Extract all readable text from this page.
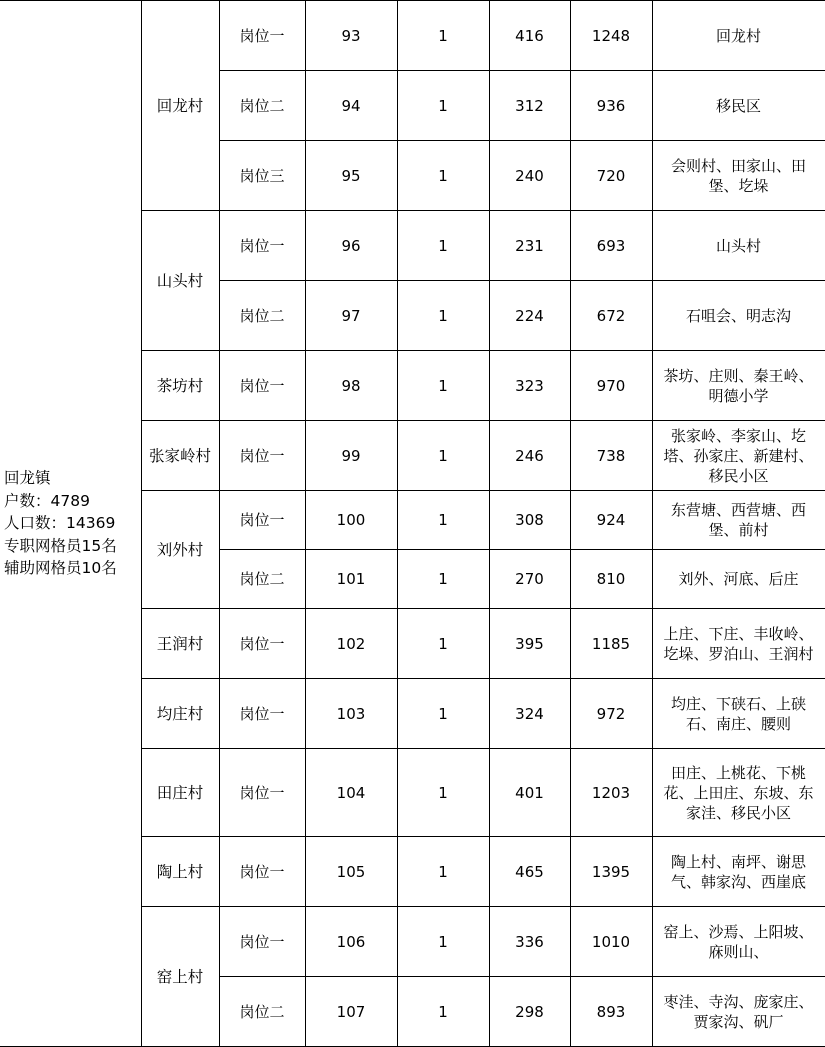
回龙镇
户数：4789
人口数：14369
专职网格员15名
辅助网格员10名	回龙村	岗位一	93	1	416	1248	回龙村
		岗位二	94	1	312	936	移民区
		岗位三	95	1	240	720	会则村、田家山、田堡、圪垛
	山头村	岗位一	96	1	231	693	山头村
		岗位二	97	1	224	672	石咀会、明志沟
	茶坊村	岗位一	98	1	323	970	茶坊、庄则、秦王岭、明德小学
	张家岭村	岗位一	99	1	246	738	张家岭、李家山、圪塔、孙家庄、新建村、移民小区
	刘外村	岗位一	100	1	308	924	东营塘、西营塘、西堡、前村
		岗位二	101	1	270	810	刘外、河底、后庄
	王润村	岗位一	102	1	395	1185	上庄、下庄、丰收岭、圪垛、罗泊山、王润村
	均庄村	岗位一	103	1	324	972	均庄、下硖石、上硖石、南庄、腰则
	田庄村	岗位一	104	1	401	1203	田庄、上桃花、下桃花、上田庄、东坡、东家洼、移民小区
	陶上村	岗位一	105	1	465	1395	陶上村、南坪、谢思气、韩家沟、西崖底
	窑上村	岗位一	106	1	336	1010	窑上、沙焉、上阳坡、庥则山、
		岗位二	107	1	298	893	枣洼、寺沟、庞家庄、贾家沟、矾厂
